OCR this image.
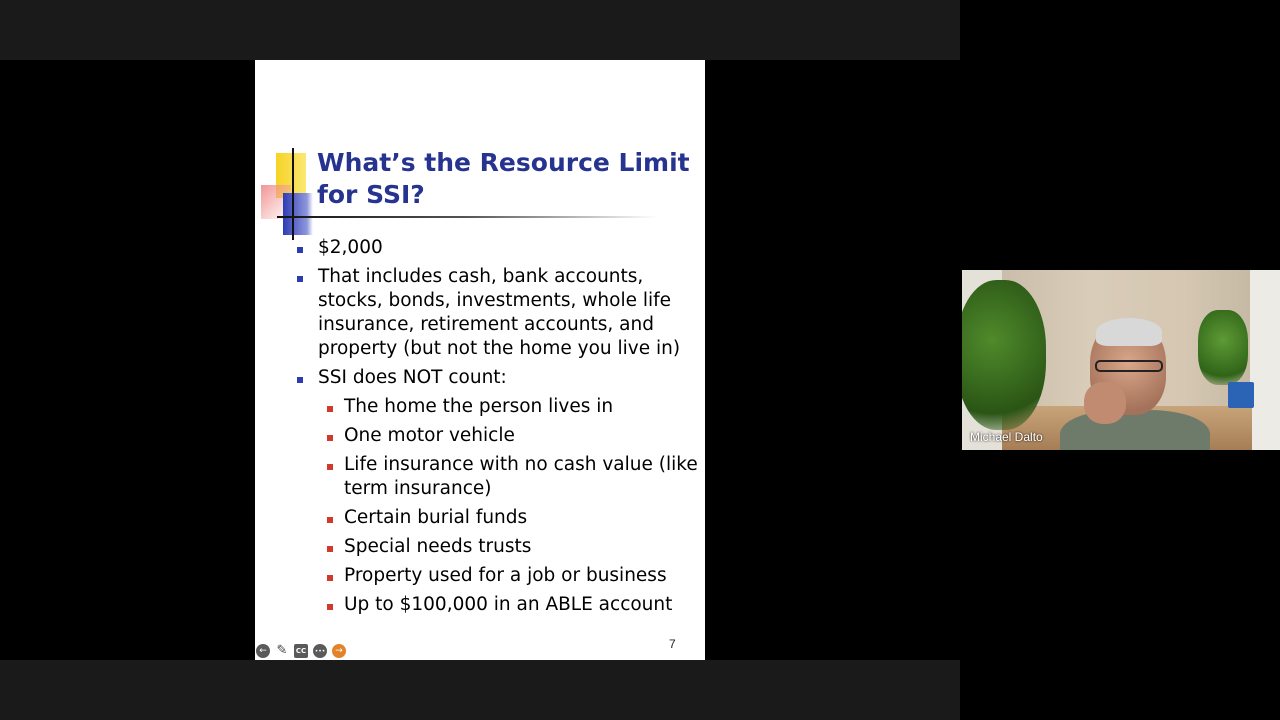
What’s the Resource Limit for SSI?
$2,000
That includes cash, bank accounts, stocks, bonds, investments, whole life insurance, retirement accounts, and property (but not the home you live in)
SSI does NOT count:
The home the person lives in
One motor vehicle
Life insurance with no cash value (like term insurance)
Certain burial funds
Special needs trusts
Property used for a job or business
Up to $100,000 in an ABLE account
7
← ✎ CC	•••	→
Michael Dalto
